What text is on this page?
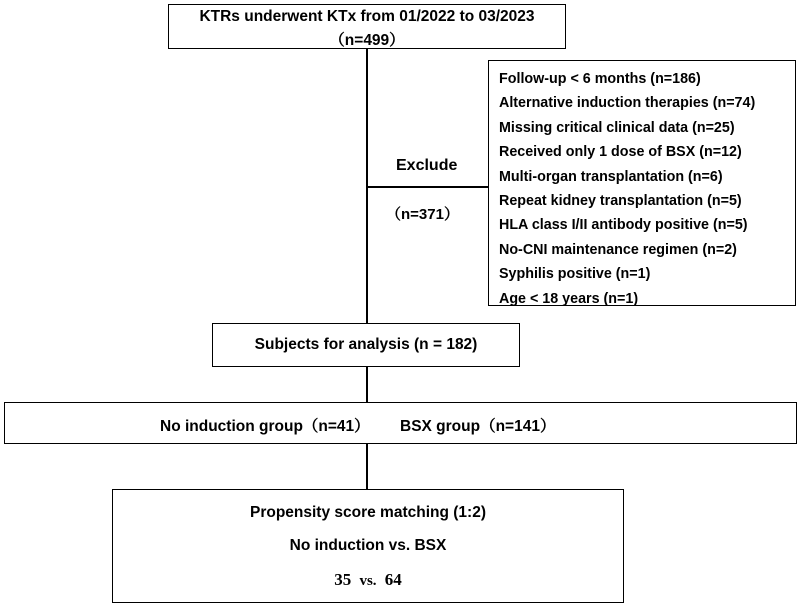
KTRs underwent KTx from 01/2022 to 03/2023
（n=499）
Exclude
（n=371）
Follow-up < 6 months (n=186)
Alternative induction therapies (n=74)
Missing critical clinical data (n=25)
Received only 1 dose of BSX (n=12)
Multi-organ transplantation (n=6)
Repeat kidney transplantation (n=5)
HLA class I/II antibody positive (n=5)
No-CNI maintenance regimen (n=2)
Syphilis positive (n=1)
Age < 18 years (n=1)
Subjects for analysis (n = 182)
No induction group（n=41） BSX group（n=141）
Propensity score matching (1:2)
No induction vs. BSX
35 vs. 64
